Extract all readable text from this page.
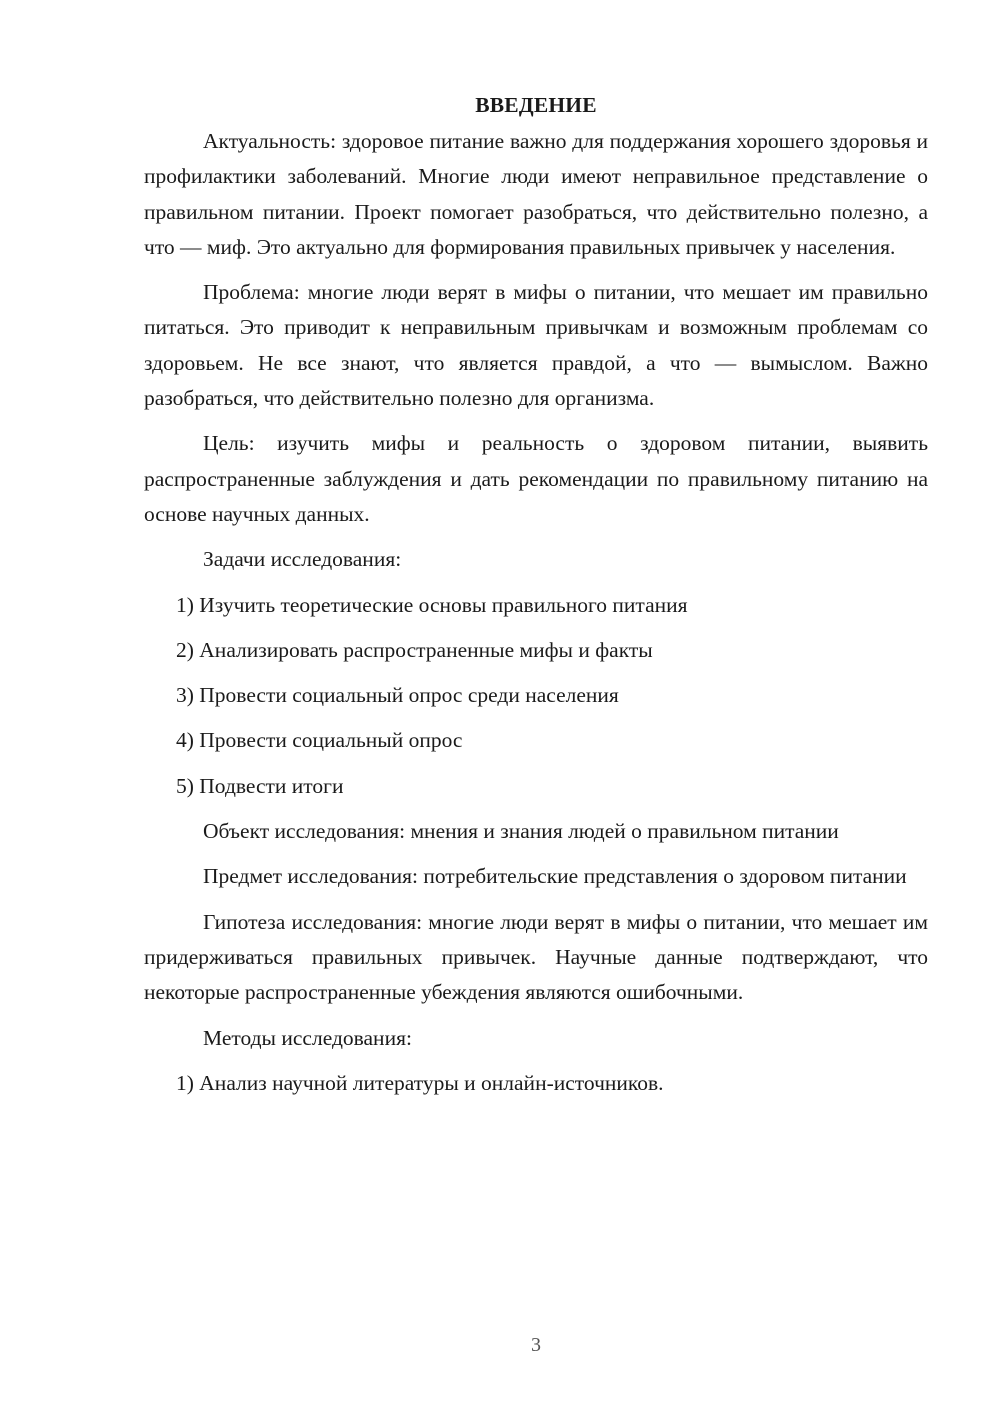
ВВЕДЕНИЕ

Актуальность: здоровое питание важно для поддержания хорошего здоровья и профилактики заболеваний. Многие люди имеют неправильное представление о правильном питании. Проект помогает разобраться, что действительно полезно, а что — миф. Это актуально для формирования правильных привычек у населения.

Проблема: многие люди верят в мифы о питании, что мешает им правильно питаться. Это приводит к неправильным привычкам и возможным проблемам со здоровьем. Не все знают, что является правдой, а что — вымыслом. Важно разобраться, что действительно полезно для организма.

Цель: изучить мифы и реальность о здоровом питании, выявить распространенные заблуждения и дать рекомендации по правильному питанию на основе научных данных.

Задачи исследования:

1) Изучить теоретические основы правильного питания

2) Анализировать распространенные мифы и факты

3) Провести социальный опрос среди населения

4) Провести социальный опрос

5) Подвести итоги

Объект исследования: мнения и знания людей о правильном питании

Предмет исследования: потребительские представления о здоровом питании

Гипотеза исследования: многие люди верят в мифы о питании, что мешает им придерживаться правильных привычек. Научные данные подтверждают, что некоторые распространенные убеждения являются ошибочными.

Методы исследования:

1) Анализ научной литературы и онлайн-источников.

3
